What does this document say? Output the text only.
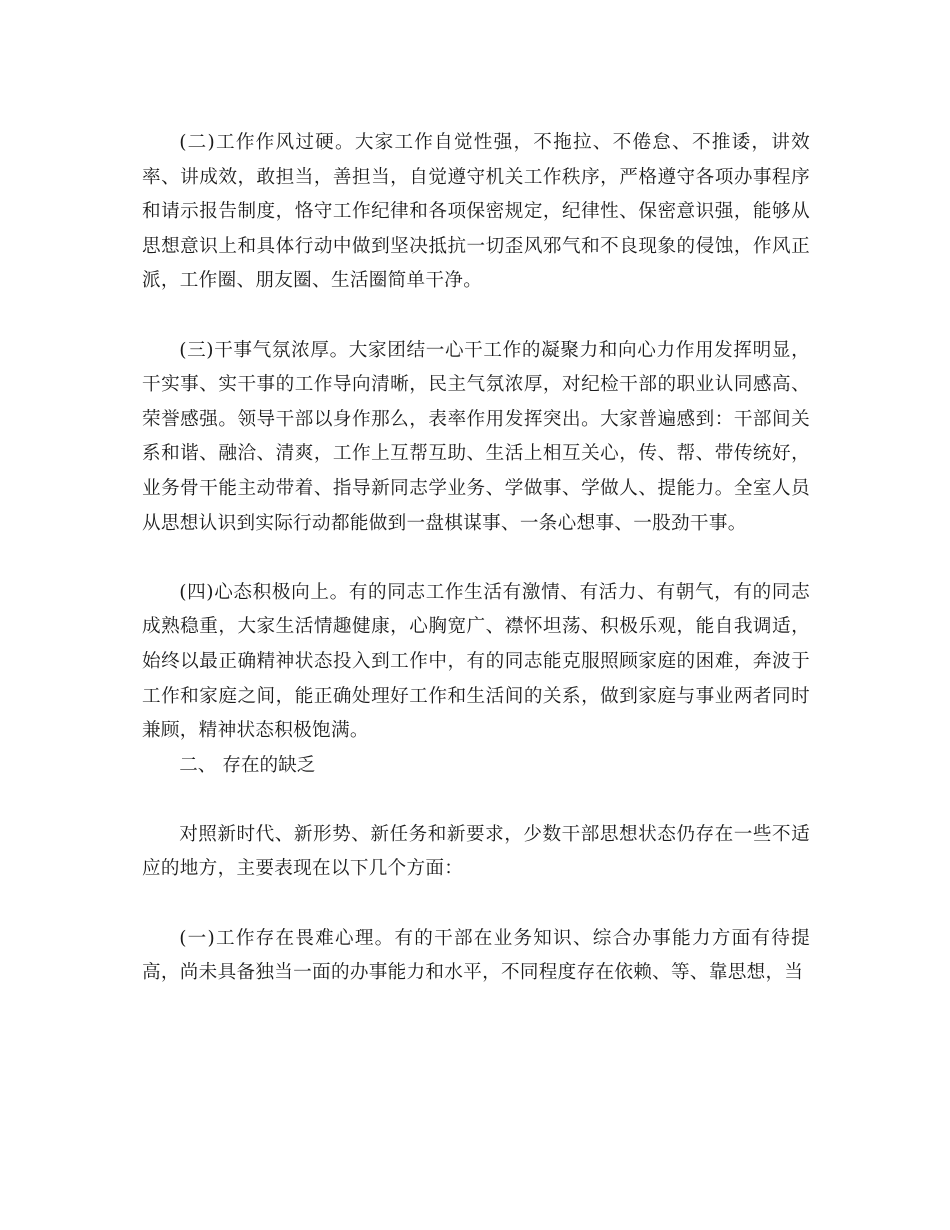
(二)工作作风过硬。大家工作自觉性强，不拖拉、不倦怠、不推诿，讲效率、讲成效，敢担当，善担当，自觉遵守机关工作秩序，严格遵守各项办事程序和请示报告制度，恪守工作纪律和各项保密规定，纪律性、保密意识强，能够从思想意识上和具体行动中做到坚决抵抗一切歪风邪气和不良现象的侵蚀，作风正派，工作圈、朋友圈、生活圈简单干净。

(三)干事气氛浓厚。大家团结一心干工作的凝聚力和向心力作用发挥明显，干实事、实干事的工作导向清晰，民主气氛浓厚，对纪检干部的职业认同感高、荣誉感强。领导干部以身作那么，表率作用发挥突出。大家普遍感到：干部间关系和谐、融洽、清爽，工作上互帮互助、生活上相互关心，传、帮、带传统好，业务骨干能主动带着、指导新同志学业务、学做事、学做人、提能力。全室人员从思想认识到实际行动都能做到一盘棋谋事、一条心想事、一股劲干事。

(四)心态积极向上。有的同志工作生活有激情、有活力、有朝气，有的同志成熟稳重，大家生活情趣健康，心胸宽广、襟怀坦荡、积极乐观，能自我调适，始终以最正确精神状态投入到工作中，有的同志能克服照顾家庭的困难，奔波于工作和家庭之间，能正确处理好工作和生活间的关系，做到家庭与事业两者同时兼顾，精神状态积极饱满。

二、 存在的缺乏

对照新时代、新形势、新任务和新要求，少数干部思想状态仍存在一些不适应的地方，主要表现在以下几个方面：

(一)工作存在畏难心理。有的干部在业务知识、综合办事能力方面有待提高，尚未具备独当一面的办事能力和水平，不同程度存在依赖、等、靠思想，当
